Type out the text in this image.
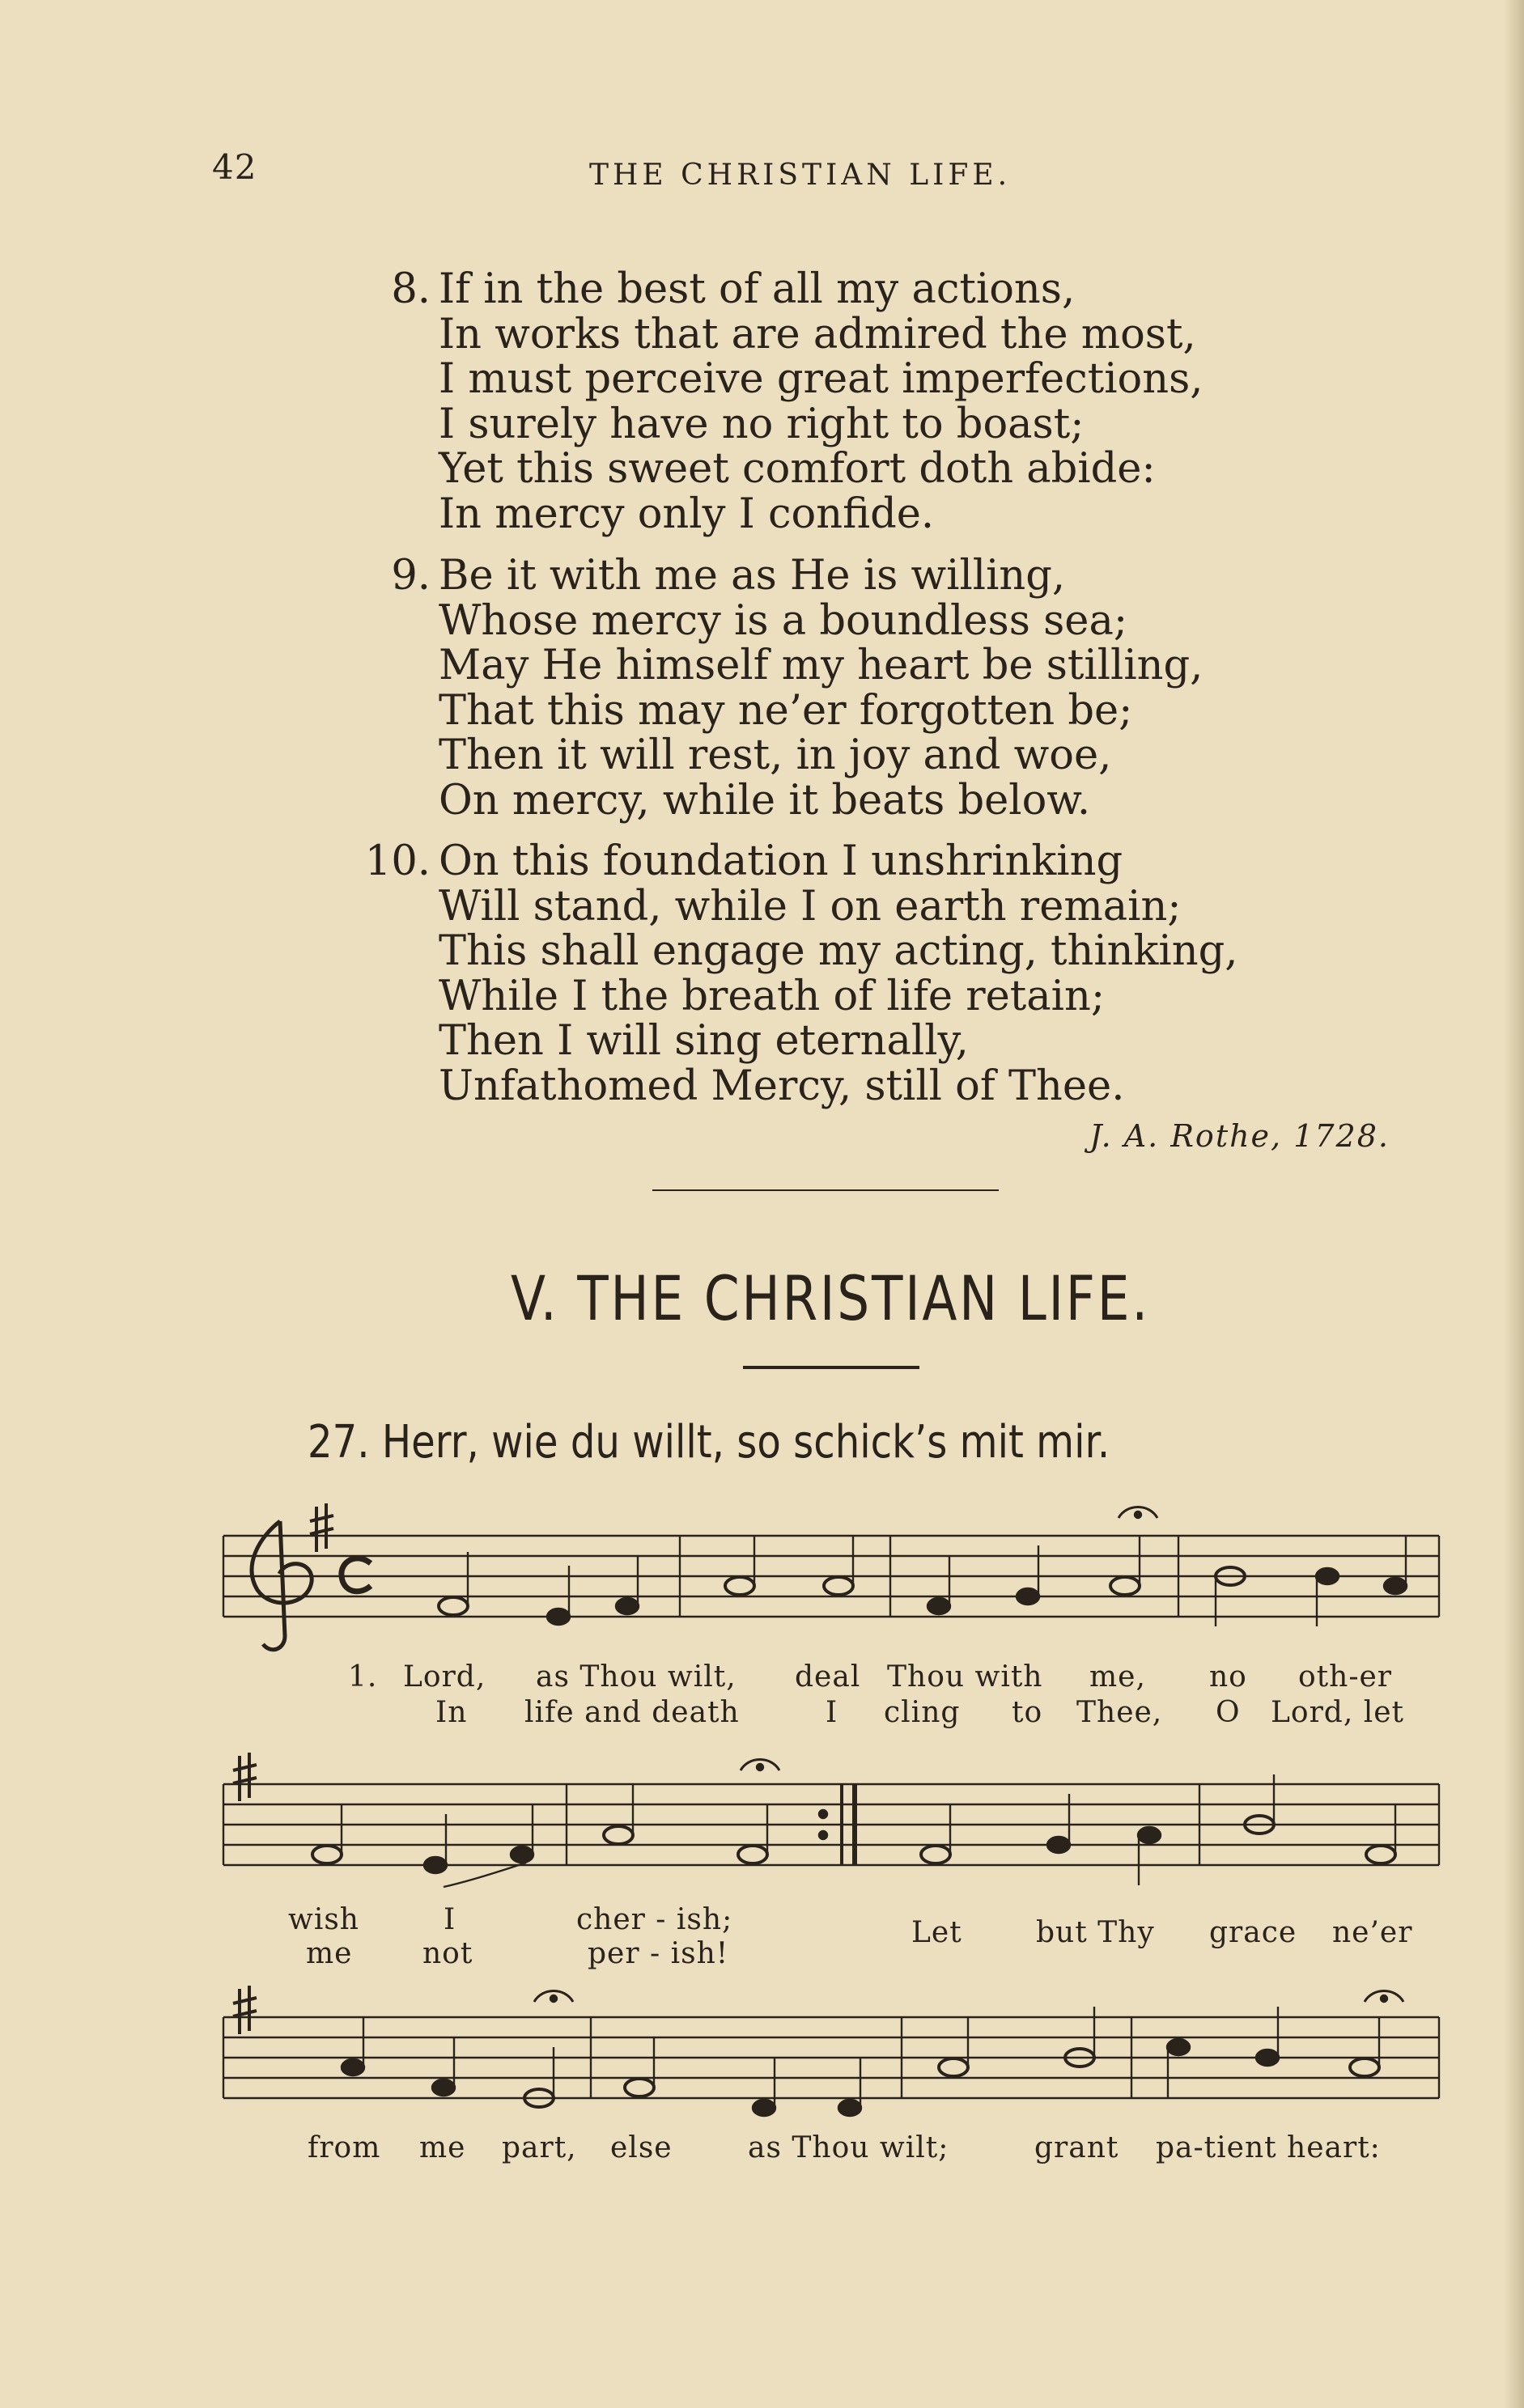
42	THE CHRISTIAN LIFE.
8. If in the best of all my actions,
In works that are admired the most,
I must perceive great imperfections,
I surely have no right to boast;
Yet this sweet comfort doth abide:
In mercy only I confide.
9. Be it with me as He is willing,
Whose mercy is a boundless sea;
May He himself my heart be stilling,
That this may ne’er forgotten be;
Then it will rest, in joy and woe,
On mercy, while it beats below.
10. On this foundation I unshrinking
Will stand, while I on earth remain;
This shall engage my acting, thinking,
While I the breath of life retain;
Then I will sing eternally,
Unfathomed Mercy, still of Thee.
J. A. Rothe, 1728.
V. THE CHRISTIAN LIFE.
27. Herr, wie du willt, so schick’s mit mir.
1. Lord, as Thou wilt, deal Thou with me, no oth-er
In life and death	I cling to Thee, O Lord, let
wish	I	cher - ish;	Let	but Thy grace ne’er
me not	per - ish!
from me part, else	as Thou wilt;	grant pa-tient heart:
